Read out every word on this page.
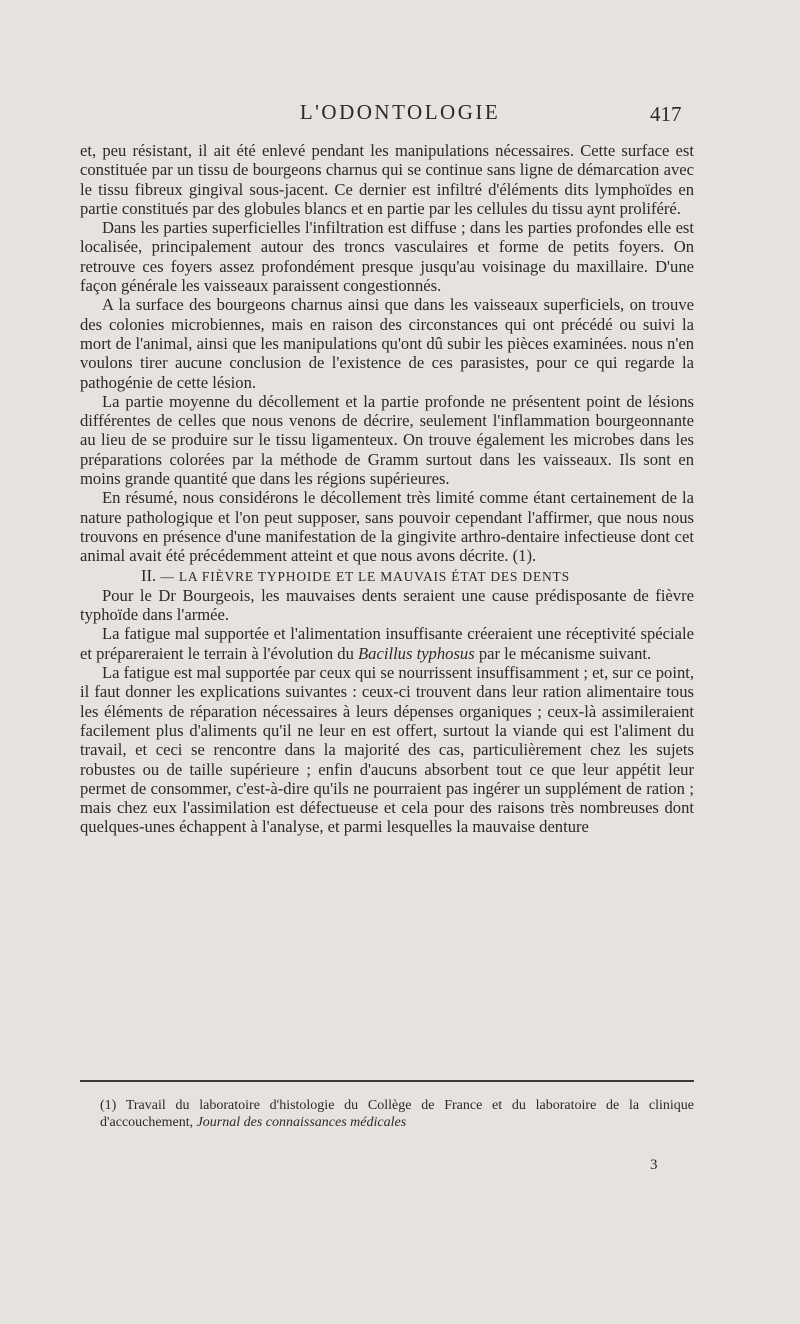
L'ODONTOLOGIE	417

et, peu résistant, il ait été enlevé pendant les manipulations nécessaires. Cette surface est constituée par un tissu de bourgeons charnus qui se continue sans ligne de démarcation avec le tissu fibreux gingival sous-jacent. Ce dernier est infiltré d'éléments dits lymphoïdes en partie constitués par des globules blancs et en partie par les cellules du tissu aynt proliféré.

Dans les parties superficielles l'infiltration est diffuse ; dans les parties profondes elle est localisée, principalement autour des troncs vasculaires et forme de petits foyers. On retrouve ces foyers assez profondément presque jusqu'au voisinage du maxillaire. D'une façon générale les vaisseaux paraissent congestionnés.

A la surface des bourgeons charnus ainsi que dans les vaisseaux superficiels, on trouve des colonies microbiennes, mais en raison des circonstances qui ont précédé ou suivi la mort de l'animal, ainsi que les manipulations qu'ont dû subir les pièces examinées. nous n'en voulons tirer aucune conclusion de l'existence de ces parasistes, pour ce qui regarde la pathogénie de cette lésion.

La partie moyenne du décollement et la partie profonde ne présentent point de lésions différentes de celles que nous venons de décrire, seulement l'inflammation bourgeonnante au lieu de se produire sur le tissu ligamenteux. On trouve également les microbes dans les préparations colorées par la méthode de Gramm surtout dans les vaisseaux. Ils sont en moins grande quantité que dans les régions supérieures.

En résumé, nous considérons le décollement très limité comme étant certainement de la nature pathologique et l'on peut supposer, sans pouvoir cependant l'affirmer, que nous nous trouvons en présence d'une manifestation de la gingivite arthro-dentaire infectieuse dont cet animal avait été précédemment atteint et que nous avons décrite. (1).

II. — LA FIÈVRE TYPHOIDE ET LE MAUVAIS ÉTAT DES DENTS

Pour le Dr Bourgeois, les mauvaises dents seraient une cause prédisposante de fièvre typhoïde dans l'armée.

La fatigue mal supportée et l'alimentation insuffisante créeraient une réceptivité spéciale et prépareraient le terrain à l'évolution du Bacillus typhosus par le mécanisme suivant.

La fatigue est mal supportée par ceux qui se nourrissent insuffisamment ; et, sur ce point, il faut donner les explications suivantes : ceux-ci trouvent dans leur ration alimentaire tous les éléments de réparation nécessaires à leurs dépenses organiques ; ceux-là assimileraient facilement plus d'aliments qu'il ne leur en est offert, surtout la viande qui est l'aliment du travail, et ceci se rencontre dans la majorité des cas, particulièrement chez les sujets robustes ou de taille supérieure ; enfin d'aucuns absorbent tout ce que leur appétit leur permet de consommer, c'est-à-dire qu'ils ne pourraient pas ingérer un supplément de ration ; mais chez eux l'assimilation est défectueuse et cela pour des raisons très nombreuses dont quelques-unes échappent à l'analyse, et parmi lesquelles la mauvaise denture

(1) Travail du laboratoire d'histologie du Collège de France et du laboratoire de la clinique d'accouchement, Journal des connaissances médicales
3
